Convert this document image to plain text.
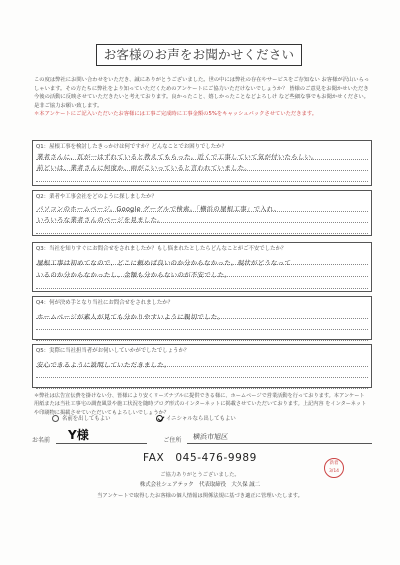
お客様のお声をお聞かせください
この度は弊社にお問い合わせをいただき、誠にありがとうございました。世の中には弊社の存在やサービスをご存知ない お客様が沢山いらっしゃいます。その方たちに弊社をより知っていただくためのアンケートにご協力いただけないでしょうか？ 皆様のご意見をお聞かせいただき今後の活動に反映させていただきたいと考えております。良かったこと、嬉しかったことなどよろしけ など些細な事でもお聞かせください。是非ご協力お願い致します。
＊本アンケートにご記入いただいたお客様には工事ご完成時に工事金額の5%をキャッシュバックさせていただきます。
Q1：屋根工事を検討したきっかけは何ですか？どんなことでお困りでしたか？
業者さんに、瓦が一はずれていると教えてもらった。近くで工事していて気が付いたらしい。
前どいは、業者さんに何度か、雨がこいっていると言われていました。
Q2：業者や工事会社をどのように探しましたか？
パソコンのホームページ。Google グーグルで検索。「横浜の屋根工事」で入れ、
いろいろな業者さんのページを見ました。
Q3：当社を知りすぐにお問合せをされましたか？もし悩まれたとしたらどんなことがご不安でしたか？
屋根工事は初めてなので、どこに頼めば良いのか分からなかった。現状がどうなって
いるのか分からなかったし、金額も分からないのが不安でした。
Q4：何が決め手となり当社にお問合せをされましたか？
ホームページが素人が見ても分かりやすいように親切でした。
Q5：実際に当社担当者がお伺いしていかがでしたでしょうか？
安心できるように説明していただきました。
＊弊社は広告宣伝費を掛けない分、皆様により安くリーズナブルに提供できる様に、ホームページで営業活動を行っております。本アンケート 用紙または当社工事宅の調査風景や施工状況を随時ブログ形式のインターネットに掲載させていただいております。上記内容 をインターネットや印刷物に掲載させていただいてもよろしいでしょうか？
名前を出してもよい	イニシャルなら出してもよい
お名前 Y様	ご住所 横浜市旭区
FAX　045-476-9989
ご協力ありがとうございました。
株式会社シェアテック　代表取締役　大久保 誠二
当アンケートで取得したお客様の個人情報は関係法規に基づき適正に管理いたします。
新着 3/14
